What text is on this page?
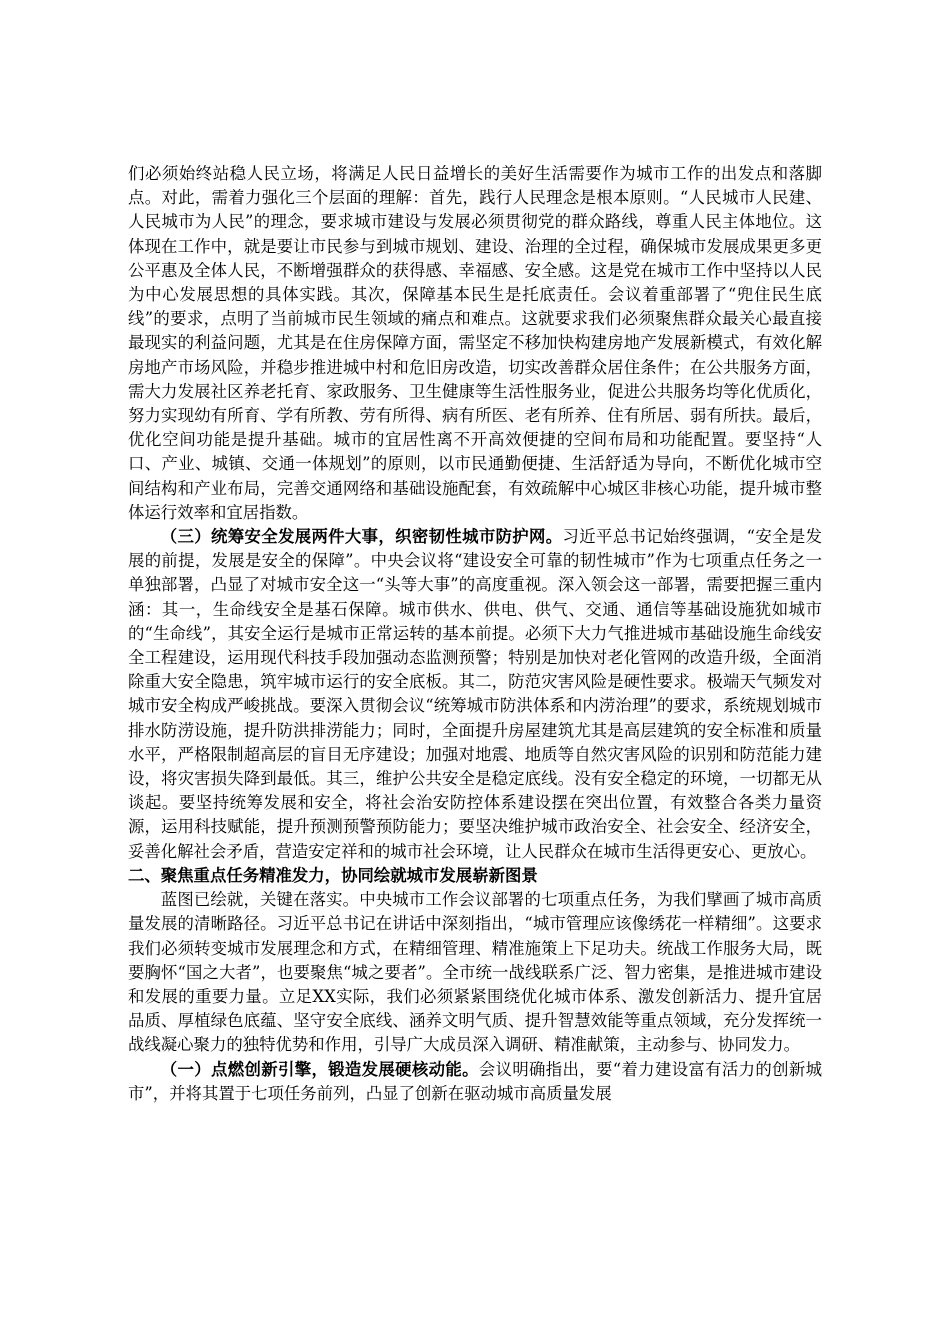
们必须始终站稳人民立场，将满足人民日益增长的美好生活需要作为城市工作的出发点和落脚点。对此，需着力强化三个层面的理解：首先，践行人民理念是根本原则。“人民城市人民建、人民城市为人民”的理念，要求城市建设与发展必须贯彻党的群众路线，尊重人民主体地位。这体现在工作中，就是要让市民参与到城市规划、建设、治理的全过程，确保城市发展成果更多更公平惠及全体人民，不断增强群众的获得感、幸福感、安全感。这是党在城市工作中坚持以人民为中心发展思想的具体实践。其次，保障基本民生是托底责任。会议着重部署了“兜住民生底线”的要求，点明了当前城市民生领域的痛点和难点。这就要求我们必须聚焦群众最关心最直接最现实的利益问题，尤其是在住房保障方面，需坚定不移加快构建房地产发展新模式，有效化解房地产市场风险，并稳步推进城中村和危旧房改造，切实改善群众居住条件；在公共服务方面，需大力发展社区养老托育、家政服务、卫生健康等生活性服务业，促进公共服务均等化优质化，努力实现幼有所育、学有所教、劳有所得、病有所医、老有所养、住有所居、弱有所扶。最后，优化空间功能是提升基础。城市的宜居性离不开高效便捷的空间布局和功能配置。要坚持“人口、产业、城镇、交通一体规划”的原则，以市民通勤便捷、生活舒适为导向，不断优化城市空间结构和产业布局，完善交通网络和基础设施配套，有效疏解中心城区非核心功能，提升城市整体运行效率和宜居指数。

（三）统筹安全发展两件大事，织密韧性城市防护网。习近平总书记始终强调，“安全是发展的前提，发展是安全的保障”。中央会议将“建设安全可靠的韧性城市”作为七项重点任务之一单独部署，凸显了对城市安全这一“头等大事”的高度重视。深入领会这一部署，需要把握三重内涵：其一，生命线安全是基石保障。城市供水、供电、供气、交通、通信等基础设施犹如城市的“生命线”，其安全运行是城市正常运转的基本前提。必须下大力气推进城市基础设施生命线安全工程建设，运用现代科技手段加强动态监测预警；特别是加快对老化管网的改造升级，全面消除重大安全隐患，筑牢城市运行的安全底板。其二，防范灾害风险是硬性要求。极端天气频发对城市安全构成严峻挑战。要深入贯彻会议“统筹城市防洪体系和内涝治理”的要求，系统规划城市排水防涝设施，提升防洪排涝能力；同时，全面提升房屋建筑尤其是高层建筑的安全标准和质量水平，严格限制超高层的盲目无序建设；加强对地震、地质等自然灾害风险的识别和防范能力建设，将灾害损失降到最低。其三，维护公共安全是稳定底线。没有安全稳定的环境，一切都无从谈起。要坚持统筹发展和安全，将社会治安防控体系建设摆在突出位置，有效整合各类力量资源，运用科技赋能，提升预测预警预防能力；要坚决维护城市政治安全、社会安全、经济安全，妥善化解社会矛盾，营造安定祥和的城市社会环境，让人民群众在城市生活得更安心、更放心。

二、聚焦重点任务精准发力，协同绘就城市发展崭新图景

蓝图已绘就，关键在落实。中央城市工作会议部署的七项重点任务，为我们擘画了城市高质量发展的清晰路径。习近平总书记在讲话中深刻指出，“城市管理应该像绣花一样精细”。这要求我们必须转变城市发展理念和方式，在精细管理、精准施策上下足功夫。统战工作服务大局，既要胸怀“国之大者”，也要聚焦“城之要者”。全市统一战线联系广泛、智力密集，是推进城市建设和发展的重要力量。立足XX实际，我们必须紧紧围绕优化城市体系、激发创新活力、提升宜居品质、厚植绿色底蕴、坚守安全底线、涵养文明气质、提升智慧效能等重点领域，充分发挥统一战线凝心聚力的独特优势和作用，引导广大成员深入调研、精准献策，主动参与、协同发力。

（一）点燃创新引擎，锻造发展硬核动能。会议明确指出，要“着力建设富有活力的创新城市”，并将其置于七项任务前列，凸显了创新在驱动城市高质量发展
